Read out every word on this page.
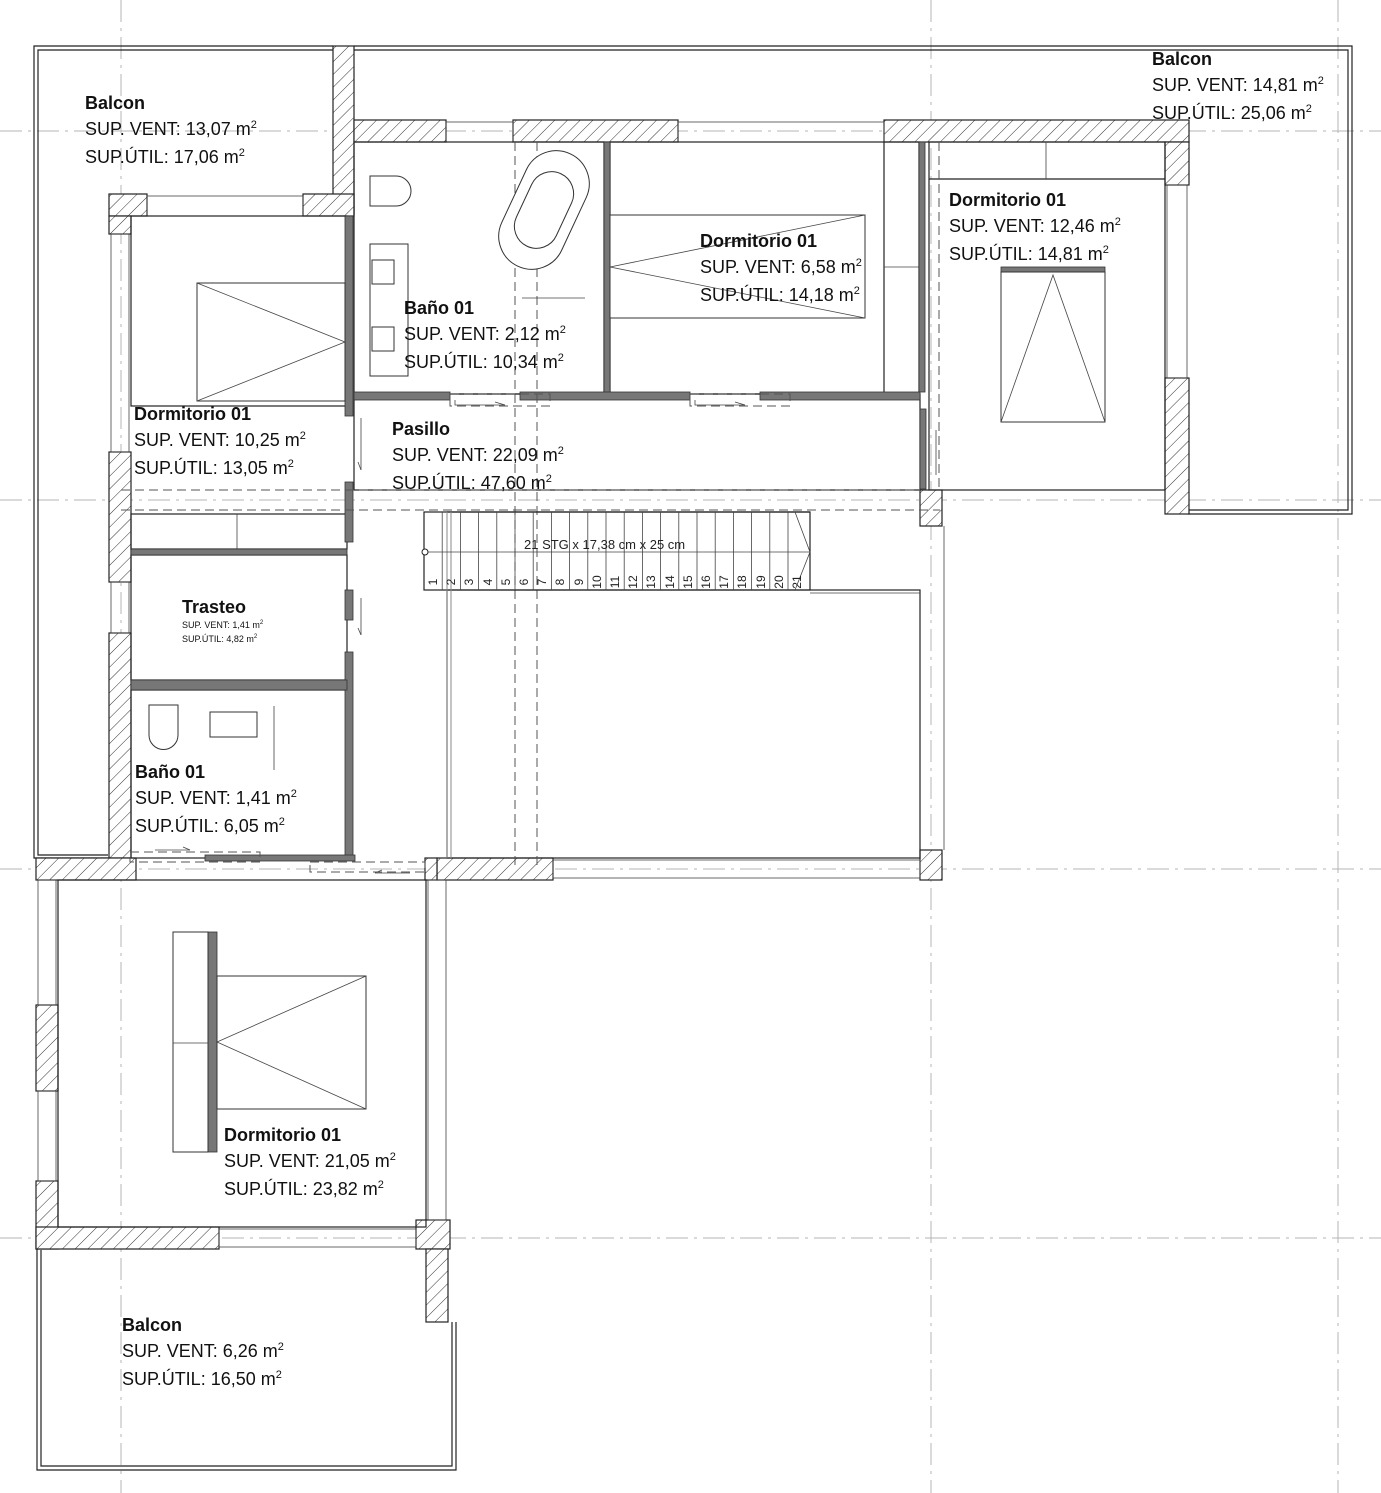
Balcon
SUP. VENT: 13,07 $m^2$
SUP.ÚTIL: 17,06 $m^2$
Balcon
SUP. VENT: 14,81 $m^2$
SUP.ÚTIL: 25,06 $m^2$
Baño 01
SUP. VENT: 2,12 $m^2$
SUP.ÚTIL: 10,34 $m^2$
Dormitorio 01
SUP. VENT: 6,58 $m^2$
SUP.ÚTIL: 14,18 $m^2$
Dormitorio 01
SUP. VENT: 12,46 $m^2$
SUP.ÚTIL: 14,81 $m^2$
Dormitorio 01
SUP. VENT: 10,25 $m^2$
SUP.ÚTIL: 13,05 $m^2$
Pasillo
SUP. VENT: 22,09 $m^2$
SUP.ÚTIL: 47,60 $m^2$
Trasteo
SUP. VENT: 1,41 $m^2$
SUP.ÚTIL: 4,82 $m^2$
Baño 01
SUP. VENT: 1,41 $m^2$
SUP.ÚTIL: 6,05 $m^2$
Dormitorio 01
SUP. VENT: 21,05 $m^2$
SUP.ÚTIL: 23,82 $m^2$
Balcon
SUP. VENT: 6,26 $m^2$
SUP.ÚTIL: 16,50 $m^2$
21 STG x 17,38 cm x 25 cm
1 2 3 4 5 6 7 8 9 10 11 12 13 14 15 16 17 18 19 20 21
